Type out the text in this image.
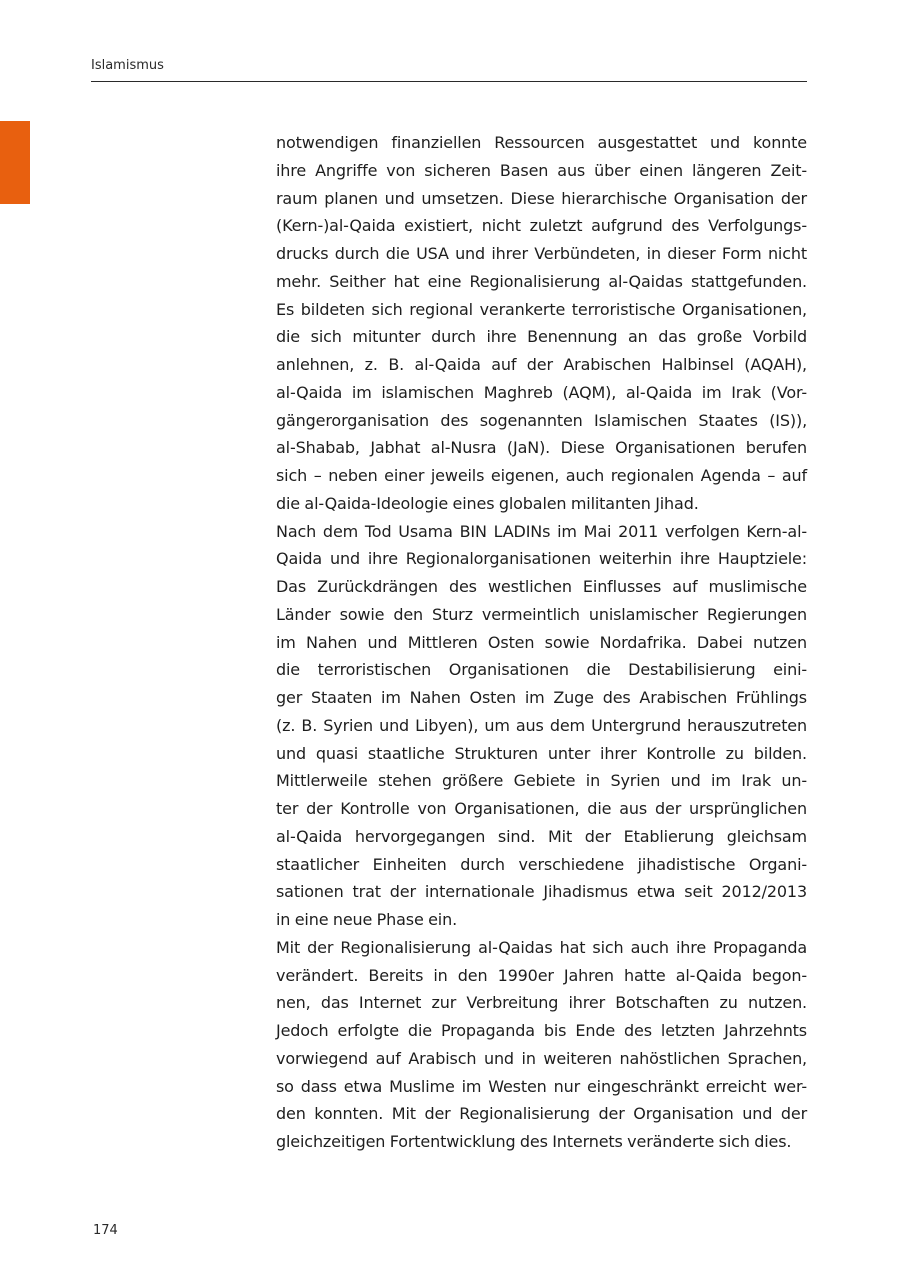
Islamismus
notwendigen finanziellen Ressourcen ausgestattet und konnte
ihre Angriffe von sicheren Basen aus über einen längeren Zeit-
raum planen und umsetzen. Diese hierarchische Organisation der
(Kern-)al-Qaida existiert, nicht zuletzt aufgrund des Verfolgungs-
drucks durch die USA und ihrer Verbündeten, in dieser Form nicht
mehr. Seither hat eine Regionalisierung al-Qaidas stattgefunden.
Es bildeten sich regional verankerte terroristische Organisationen,
die sich mitunter durch ihre Benennung an das große Vorbild
anlehnen, z. B. al-Qaida auf der Arabischen Halbinsel (AQAH),
al-Qaida im islamischen Maghreb (AQM), al-Qaida im Irak (Vor-
gängerorganisation des sogenannten Islamischen Staates (IS)),
al-Shabab, Jabhat al-Nusra (JaN). Diese Organisationen berufen
sich – neben einer jeweils eigenen, auch regionalen Agenda – auf
die al-Qaida-Ideologie eines globalen militanten Jihad.
Nach dem Tod Usama BIN LADINs im Mai 2011 verfolgen Kern-al-
Qaida und ihre Regionalorganisationen weiterhin ihre Hauptziele:
Das Zurückdrängen des westlichen Einflusses auf muslimische
Länder sowie den Sturz vermeintlich unislamischer Regierungen
im Nahen und Mittleren Osten sowie Nordafrika. Dabei nutzen
die terroristischen Organisationen die Destabilisierung eini-
ger Staaten im Nahen Osten im Zuge des Arabischen Frühlings
(z. B. Syrien und Libyen), um aus dem Untergrund herauszutreten
und quasi staatliche Strukturen unter ihrer Kontrolle zu bilden.
Mittlerweile stehen größere Gebiete in Syrien und im Irak un-
ter der Kontrolle von Organisationen, die aus der ursprünglichen
al-Qaida hervorgegangen sind. Mit der Etablierung gleichsam
staatlicher Einheiten durch verschiedene jihadistische Organi-
sationen trat der internationale Jihadismus etwa seit 2012/2013
in eine neue Phase ein.
Mit der Regionalisierung al-Qaidas hat sich auch ihre Propaganda
verändert. Bereits in den 1990er Jahren hatte al-Qaida begon-
nen, das Internet zur Verbreitung ihrer Botschaften zu nutzen.
Jedoch erfolgte die Propaganda bis Ende des letzten Jahrzehnts
vorwiegend auf Arabisch und in weiteren nahöstlichen Sprachen,
so dass etwa Muslime im Westen nur eingeschränkt erreicht wer-
den konnten. Mit der Regionalisierung der Organisation und der
gleichzeitigen Fortentwicklung des Internets veränderte sich dies.
174
